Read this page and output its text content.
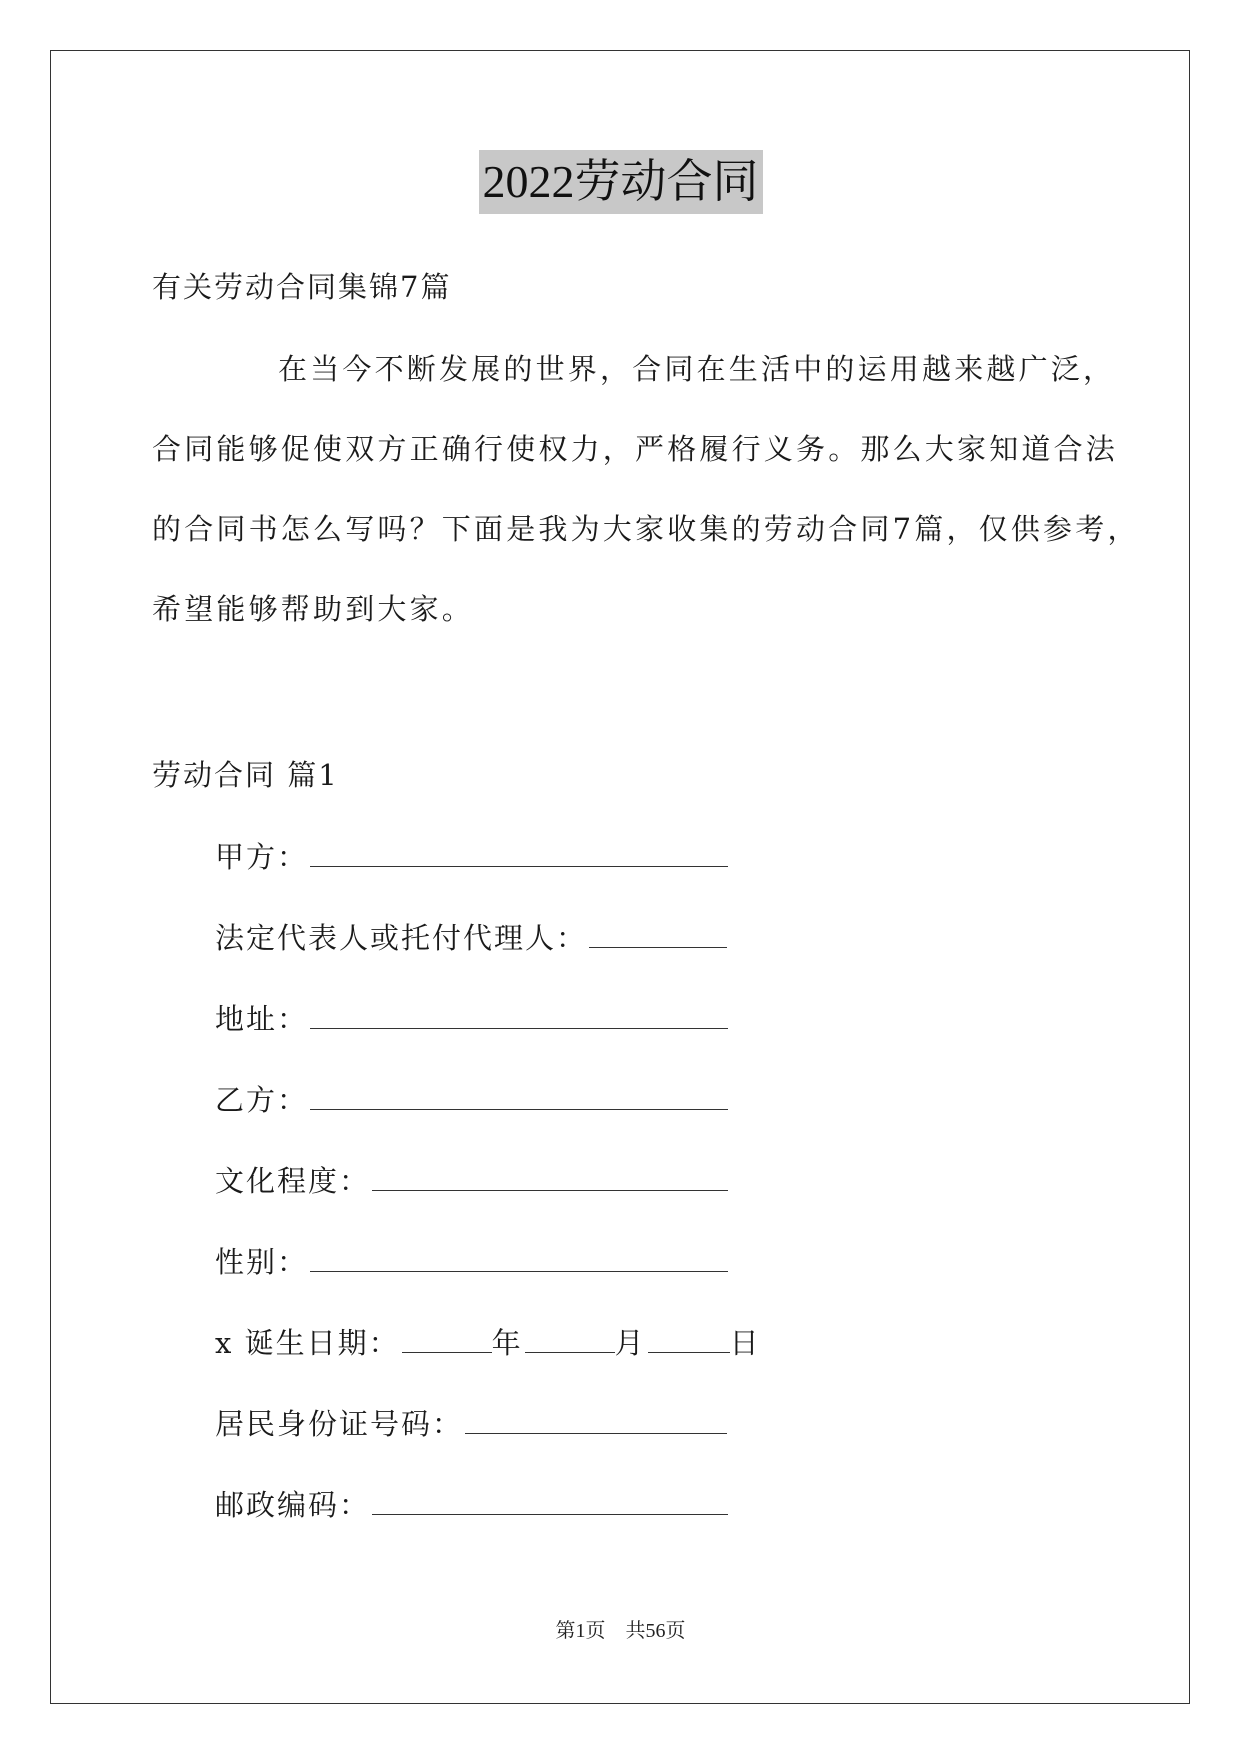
2022劳动合同
有关劳动合同集锦7篇
在当今不断发展的世界，合同在生活中的运用越来越广泛，
合同能够促使双方正确行使权力，严格履行义务。那么大家知道合法
的合同书怎么写吗？下面是我为大家收集的劳动合同7篇，仅供参考，
希望能够帮助到大家。
劳动合同 篇1
甲方：
法定代表人或托付代理人：
地址：
乙方：
文化程度：
性别：
x 诞生日期：	年	月	日
居民身份证号码：
邮政编码：
第1页　共56页
